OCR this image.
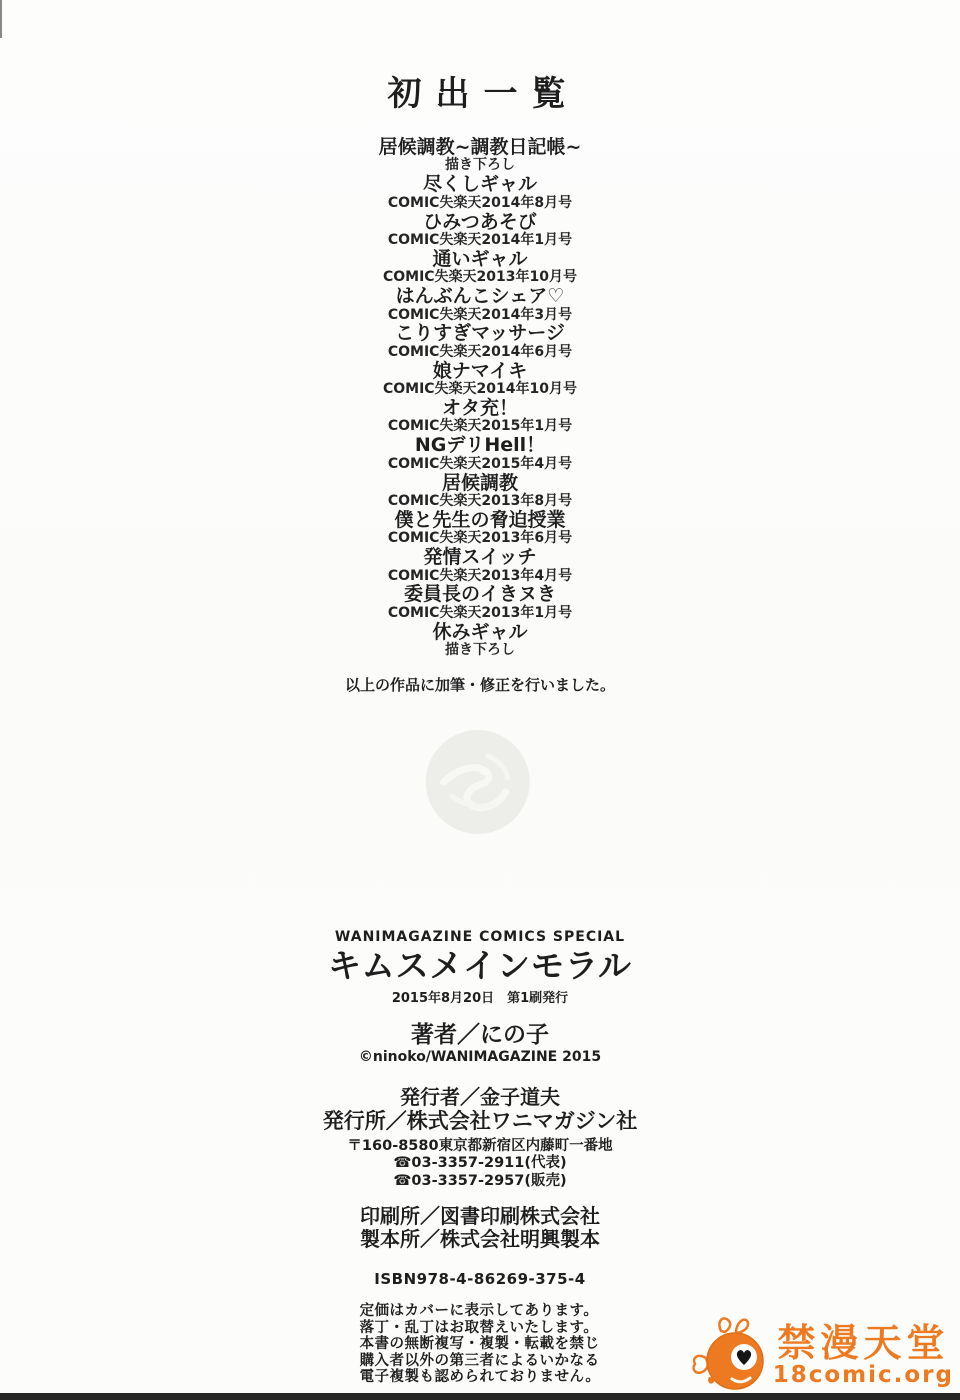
初出一覧
居候調教~調教日記帳~
描き下ろし
尽くしギャル
COMIC失楽天2014年8月号
ひみつあそび
COMIC失楽天2014年1月号
通いギャル
COMIC失楽天2013年10月号
はんぶんこシェア♡
COMIC失楽天2014年3月号
こりすぎマッサージ
COMIC失楽天2014年6月号
娘ナマイキ
COMIC失楽天2014年10月号
オタ充！
COMIC失楽天2015年1月号
NGデリHell！
COMIC失楽天2015年4月号
居候調教
COMIC失楽天2013年8月号
僕と先生の脅迫授業
COMIC失楽天2013年6月号
発情スイッチ
COMIC失楽天2013年4月号
委員長のイきヌき
COMIC失楽天2013年1月号
休みギャル
描き下ろし
以上の作品に加筆・修正を行いました。
WANIMAGAZINE COMICS SPECIAL
キムスメインモラル
2015年8月20日　第1刷発行
著者／にの子
©ninoko/WANIMAGAZINE 2015
発行者／金子道夫
発行所／株式会社ワニマガジン社
〒160-8580東京都新宿区内藤町一番地
☎03-3357-2911(代表)
☎03-3357-2957(販売)
印刷所／図書印刷株式会社
製本所／株式会社明興製本
ISBN978-4-86269-375-4
定価はカバーに表示してあります。
落丁・乱丁はお取替えいたします。
本書の無断複写・複製・転載を禁じ
購入者以外の第三者によるいかなる
電子複製も認められておりません。
禁漫天堂
18comic.org
